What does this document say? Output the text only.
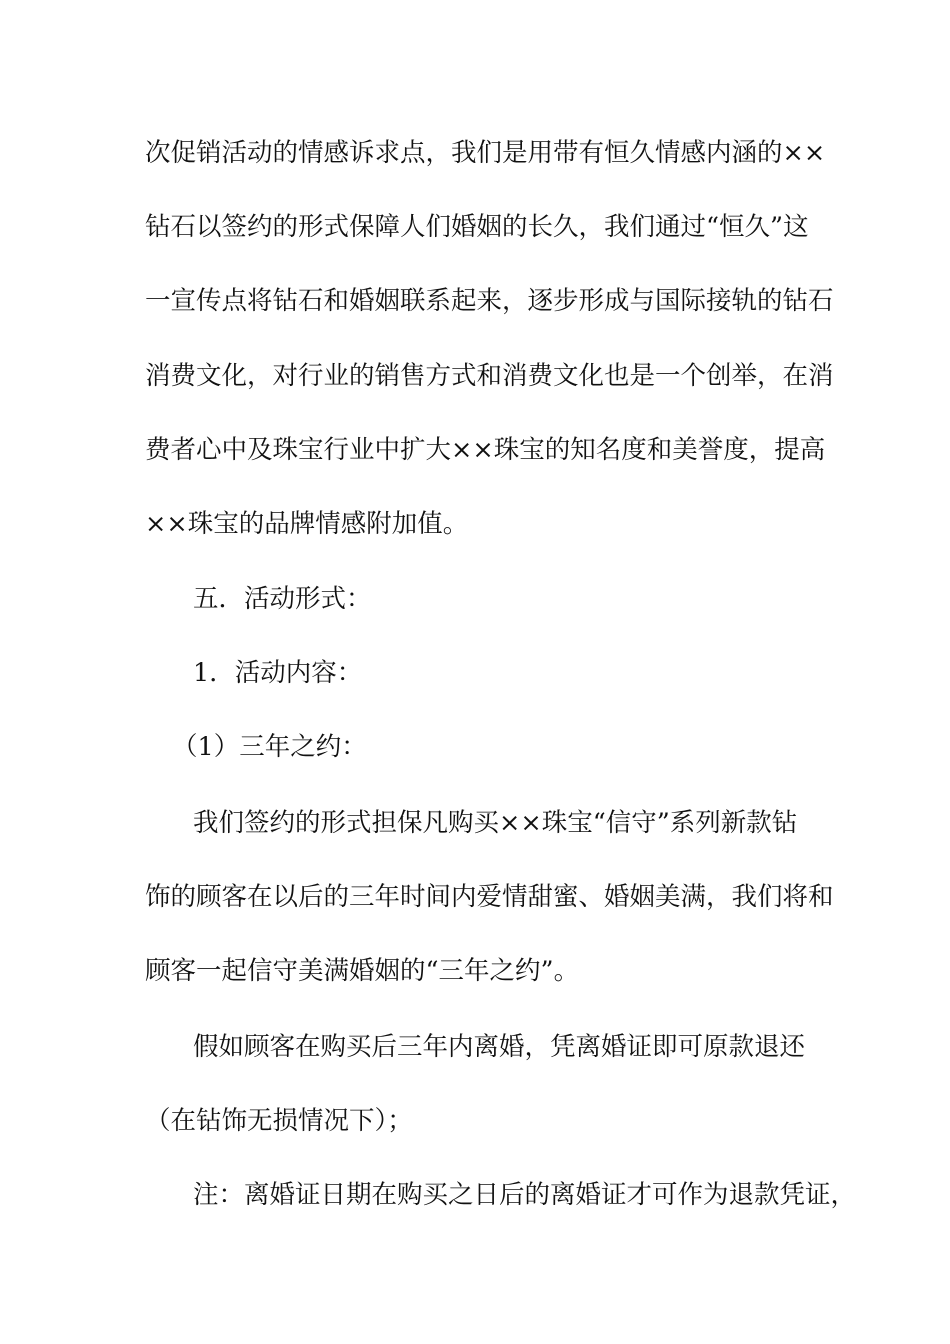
次促销活动的情感诉求点，我们是用带有恒久情感内涵的××
钻石以签约的形式保障人们婚姻的长久，我们通过“恒久”这
一宣传点将钻石和婚姻联系起来，逐步形成与国际接轨的钻石
消费文化，对行业的销售方式和消费文化也是一个创举，在消
费者心中及珠宝行业中扩大××珠宝的知名度和美誉度，提高
××珠宝的品牌情感附加值。
五．活动形式：
1．活动内容：
（1）三年之约：
我们签约的形式担保凡购买××珠宝“信守”系列新款钻
饰的顾客在以后的三年时间内爱情甜蜜、婚姻美满，我们将和
顾客一起信守美满婚姻的“三年之约”。
假如顾客在购买后三年内离婚，凭离婚证即可原款退还
（在钻饰无损情况下）；
注：离婚证日期在购买之日后的离婚证才可作为退款凭证，
